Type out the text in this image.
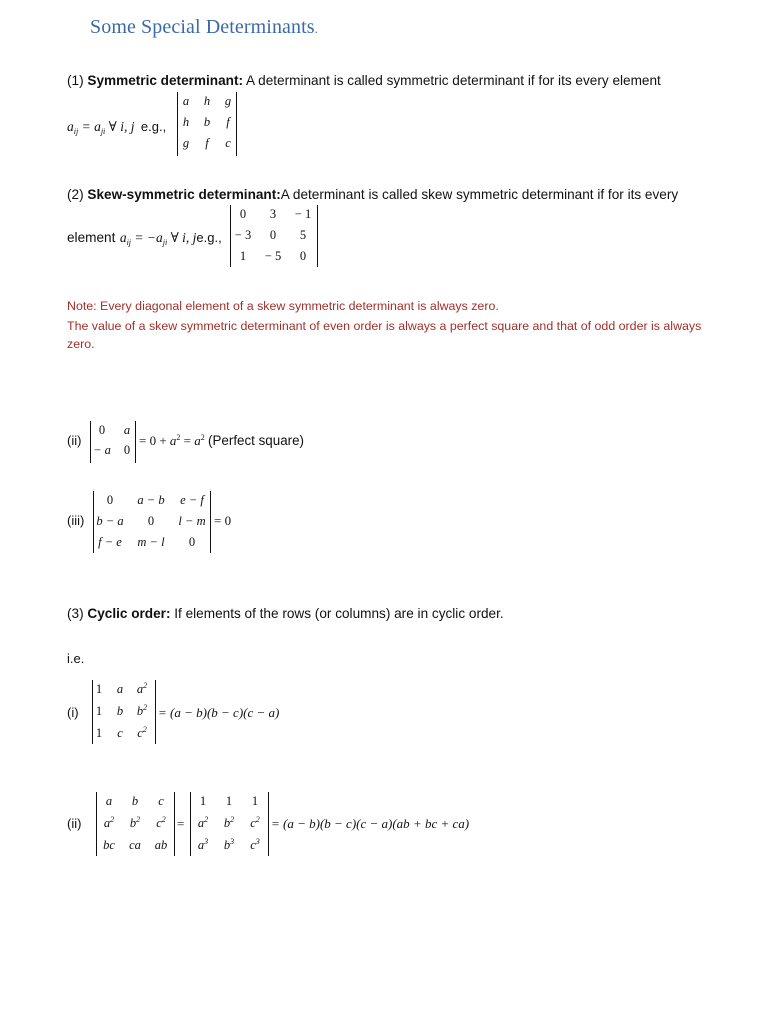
Some Special Determinants.
(1) Symmetric determinant: A determinant is called symmetric determinant if for its every element
$a_{ij} = a_{ji}$ ∀ i, j e.g.,
a h g
h b f
g f c
(2) Skew-symmetric determinant:A determinant is called skew symmetric determinant if for its every
element $a_{ij} = -a_{ji}$ ∀ i, je.g.,
0 3 − 1
− 3 0 5
1 − 5 0
Note: Every diagonal element of a skew symmetric determinant is always zero.
The value of a skew symmetric determinant of even order is always a perfect square and that of odd order is always
zero.
(ii)
0 a
− a 0
= $0 + a^2 = a^2$ (Perfect square)
(iii)
0 a − b e − f
b − a 0 l − m
f − e m − l 0
= 0
(3) Cyclic order: If elements of the rows (or columns) are in cyclic order.
i.e.
(i)
1 a $a^2$
1 b $b^2$
1 c $c^2$
= (a − b)(b − c)(c − a)
(ii)
a b c
$a^2$ $b^2$ $c^2$
bc ca ab
=
1 1 1
$a^2$ $b^2$ $c^2$
$a^3$ $b^3$ $c^3$
= (a − b)(b − c)(c − a)(ab + bc + ca)
